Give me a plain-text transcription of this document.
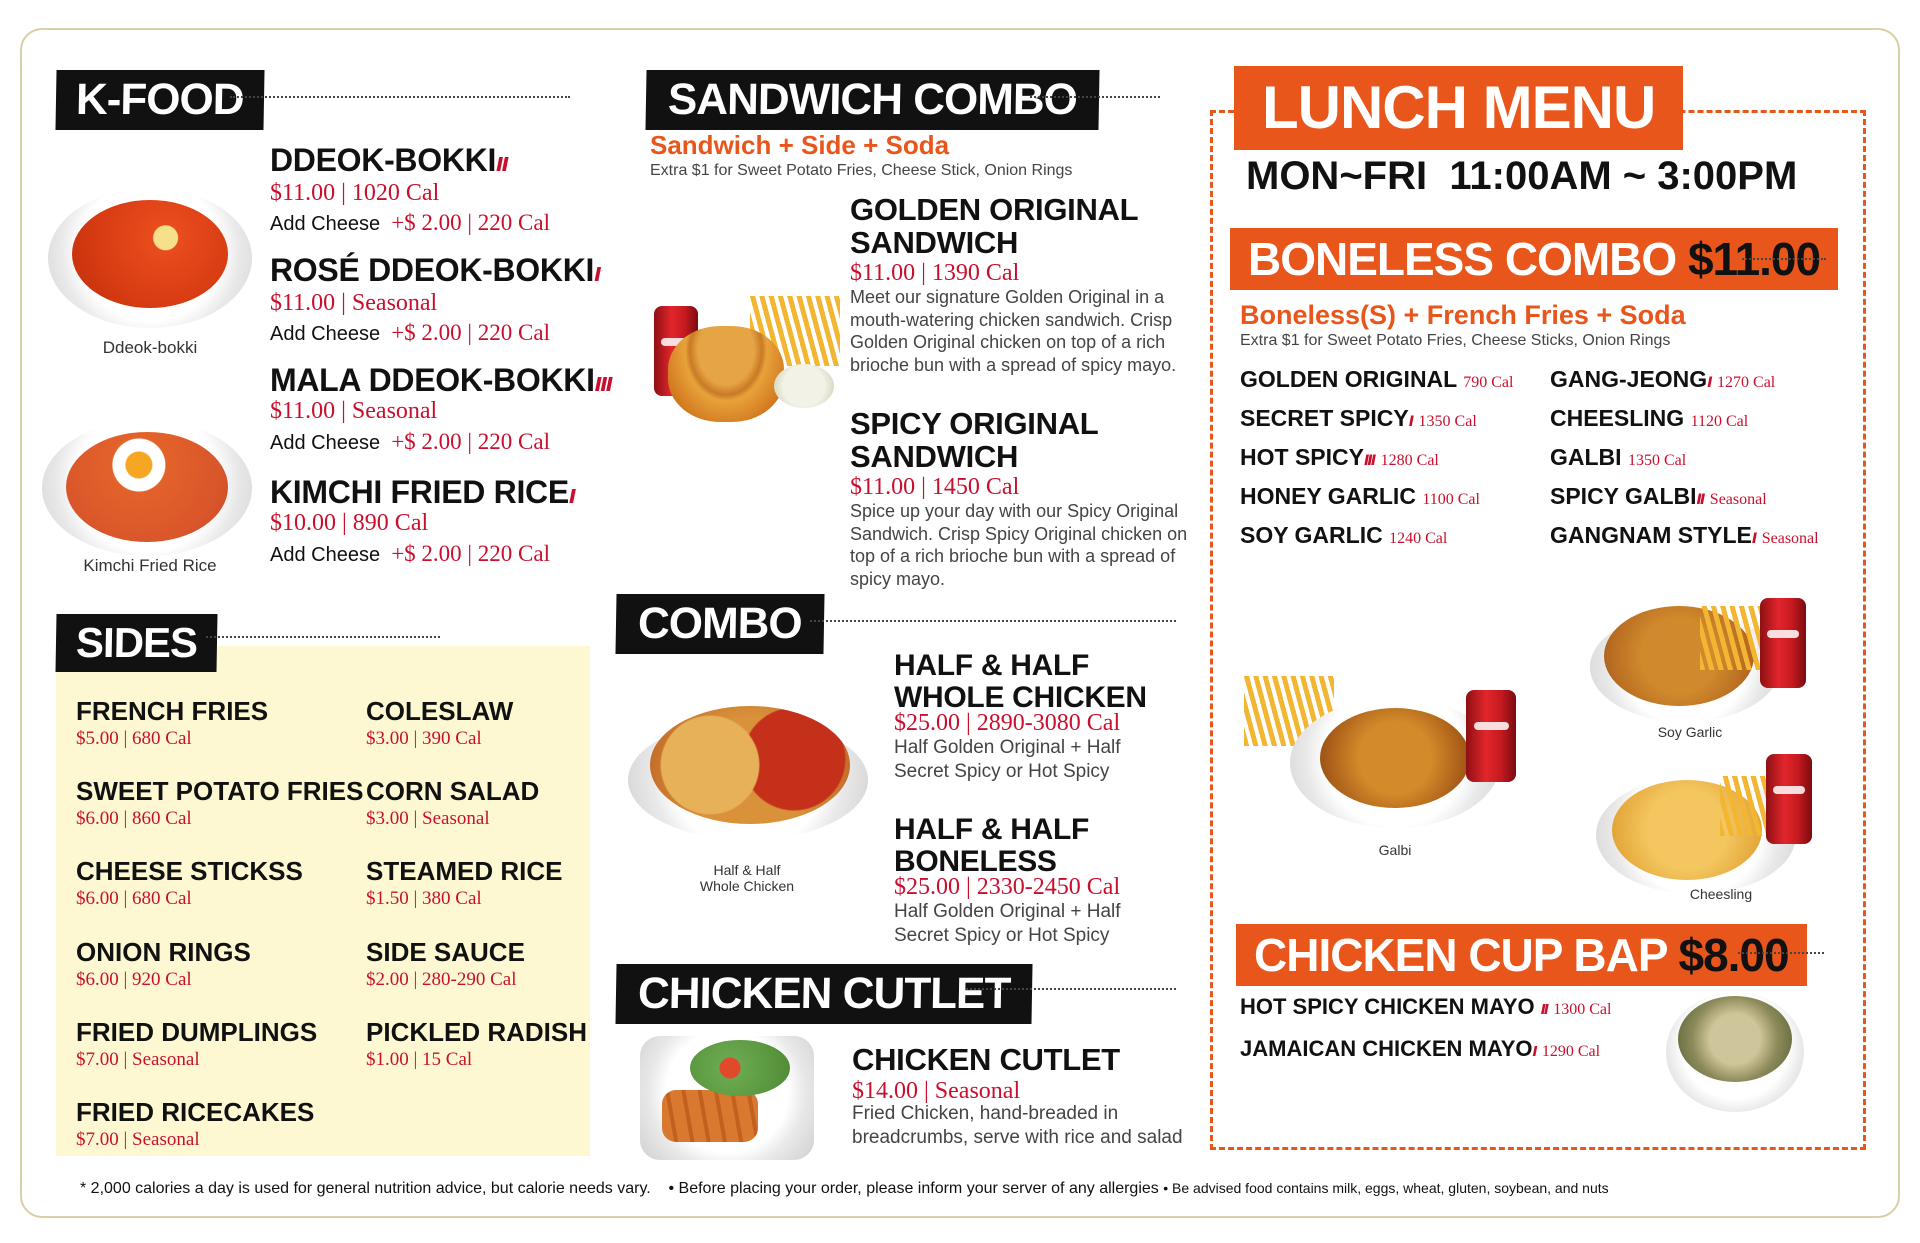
K-FOOD
Ddeok-bokki
Kimchi Fried Rice
DDEOK-BOKKIıı
$11.00 | 1020 Cal
Add Cheese +$ 2.00 | 220 Cal
ROSÉ DDEOK-BOKKIı
$11.00 | Seasonal
Add Cheese +$ 2.00 | 220 Cal
MALA DDEOK-BOKKIııı
$11.00 | Seasonal
Add Cheese +$ 2.00 | 220 Cal
KIMCHI FRIED RICEı
$10.00 | 890 Cal
Add Cheese +$ 2.00 | 220 Cal
SIDES
FRENCH FRIES
$5.00 | 680 Cal
SWEET POTATO FRIES
$6.00 | 860 Cal
CHEESE STICKSS
$6.00 | 680 Cal
ONION RINGS
$6.00 | 920 Cal
FRIED DUMPLINGS
$7.00 | Seasonal
FRIED RICECAKES
$7.00 | Seasonal
COLESLAW
$3.00 | 390 Cal
CORN SALAD
$3.00 | Seasonal
STEAMED RICE
$1.50 | 380 Cal
SIDE SAUCE
$2.00 | 280-290 Cal
PICKLED RADISH
$1.00 | 15 Cal
SANDWICH COMBO
Sandwich + Side + Soda
Extra $1 for Sweet Potato Fries, Cheese Stick, Onion Rings
GOLDEN ORIGINAL SANDWICH
$11.00 | 1390 Cal
Meet our signature Golden Original in a mouth-watering chicken sandwich. Crisp Golden Original chicken on top of a rich brioche bun with a spread of spicy mayo.
SPICY ORIGINAL SANDWICH
$11.00 | 1450 Cal
Spice up your day with our Spicy Original Sandwich. Crisp Spicy Original chicken on top of a rich brioche bun with a spread of spicy mayo.
COMBO
Half & Half
Whole Chicken
HALF & HALF WHOLE CHICKEN
$25.00 | 2890-3080 Cal
Half Golden Original + Half Secret Spicy or Hot Spicy
HALF & HALF BONELESS
$25.00 | 2330-2450 Cal
Half Golden Original + Half Secret Spicy or Hot Spicy
CHICKEN CUTLET
CHICKEN CUTLET
$14.00 | Seasonal
Fried Chicken, hand-breaded in breadcrumbs, serve with rice and salad
LUNCH MENU
MON~FRI  11:00AM ~ 3:00PM
BONELESS COMBO $11.00
Boneless(S) + French Fries + Soda
Extra $1 for Sweet Potato Fries, Cheese Sticks, Onion Rings
GOLDEN ORIGINAL 790 Cal
SECRET SPICYı 1350 Cal
HOT SPICYııı 1280 Cal
HONEY GARLIC 1100 Cal
SOY GARLIC 1240 Cal
GANG-JEONGı 1270 Cal
CHEESLING 1120 Cal
GALBI 1350 Cal
SPICY GALBIıı Seasonal
GANGNAM STYLEı Seasonal
Galbi
Soy Garlic
Cheesling
CHICKEN CUP BAP $8.00
HOT SPICY CHICKEN MAYO ıı 1300 Cal
JAMAICAN CHICKEN MAYOı 1290 Cal
* 2,000 calories a day is used for general nutrition advice, but calorie needs vary. • Before placing your order, please inform your server of any allergies • Be advised food contains milk, eggs, wheat, gluten, soybean, and nuts
